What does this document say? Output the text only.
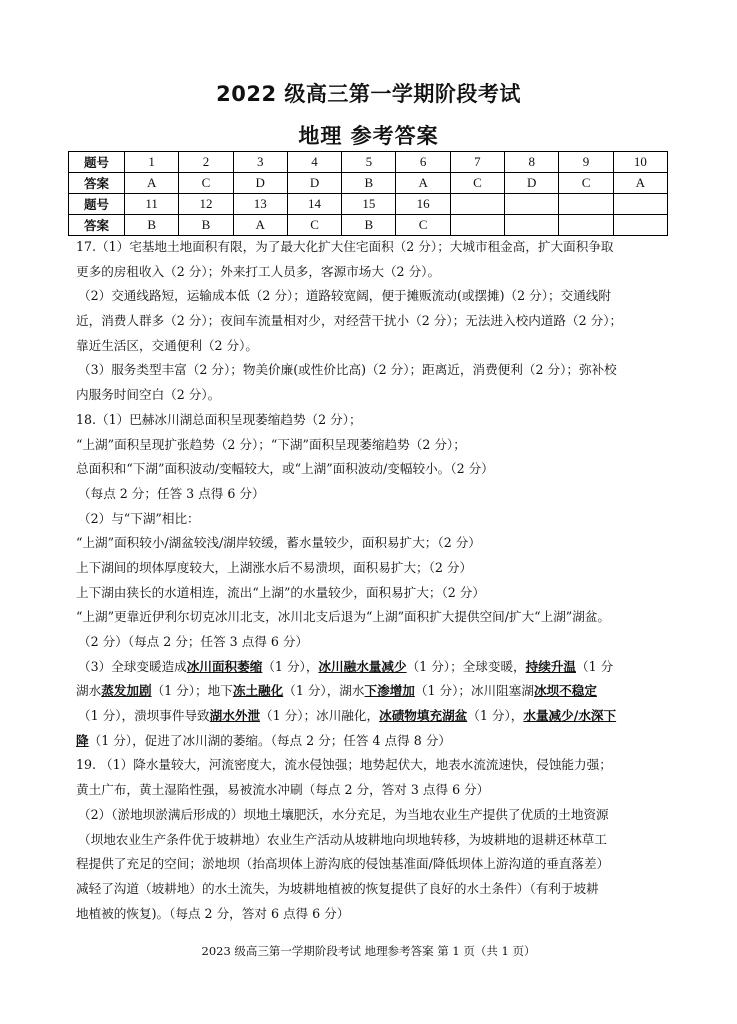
2022 级高三第一学期阶段考试
地理 参考答案
题号	1	2	3	4	5	6	7	8	9	10
答案	A	C	D	D	B	A	C	D	C	A
题号	11	12	13	14	15	16				
答案	B	B	A	C	B	C				
17.（1）宅基地土地面积有限，为了最大化扩大住宅面积（2 分）；大城市租金高，扩大面积争取
更多的房租收入（2 分）；外来打工人员多，客源市场大（2 分）。
（2）交通线路短，运输成本低（2 分）；道路较宽阔，便于摊贩流动(或摆摊)（2 分）；交通线附
近，消费人群多（2 分）；夜间车流量相对少，对经营干扰小（2 分）；无法进入校内道路（2 分）；
靠近生活区，交通便利（2 分）。
（3）服务类型丰富（2 分）；物美价廉(或性价比高)（2 分）；距离近，消费便利（2 分）；弥补校
内服务时间空白（2 分）。
18.（1）巴赫冰川湖总面积呈现萎缩趋势（2 分）；
“上湖”面积呈现扩张趋势（2 分）；“下湖”面积呈现萎缩趋势（2 分）；
总面积和“下湖”面积波动/变幅较大，或“上湖”面积波动/变幅较小。（2 分）
（每点 2 分；任答 3 点得 6 分）
（2）与“下湖”相比：
“上湖”面积较小/湖盆较浅/湖岸较缓，蓄水量较少，面积易扩大；（2 分）
上下湖间的坝体厚度较大，上湖涨水后不易溃坝，面积易扩大；（2 分）
上下湖由狭长的水道相连，流出“上湖”的水量较少，面积易扩大；（2 分）
“上湖”更靠近伊利尔切克冰川北支，冰川北支后退为“上湖”面积扩大提供空间/扩大“上湖”湖盆。
（2 分）（每点 2 分；任答 3 点得 6 分）
（3）全球变暖造成冰川面积萎缩（1 分），冰川融水量减少（1 分）；全球变暖，持续升温（1 分
湖水蒸发加剧（1 分）；地下冻土融化（1 分），湖水下渗增加（1 分）；冰川阻塞湖冰坝不稳定
（1 分），溃坝事件导致湖水外泄（1 分）；冰川融化，冰碛物填充湖盆（1 分），水量减少/水深下
降（1 分），促进了冰川湖的萎缩。（每点 2 分；任答 4 点得 8 分）
19. （1）降水量较大，河流密度大，流水侵蚀强；地势起伏大，地表水流流速快，侵蚀能力强；
黄土广布，黄土湿陷性强，易被流水冲刷（每点 2 分，答对 3 点得 6 分）
（2）（淤地坝淤满后形成的）坝地土壤肥沃，水分充足，为当地农业生产提供了优质的土地资源
（坝地农业生产条件优于坡耕地）农业生产活动从坡耕地向坝地转移，为坡耕地的退耕还林草工
程提供了充足的空间；淤地坝（抬高坝体上游沟底的侵蚀基准面/降低坝体上游沟道的垂直落差）
减轻了沟道（坡耕地）的水土流失，为坡耕地植被的恢复提供了良好的水土条件）（有利于坡耕
地植被的恢复)。（每点 2 分，答对 6 点得 6 分）
2023 级高三第一学期阶段考试 地理参考答案 第 1 页（共 1 页）
